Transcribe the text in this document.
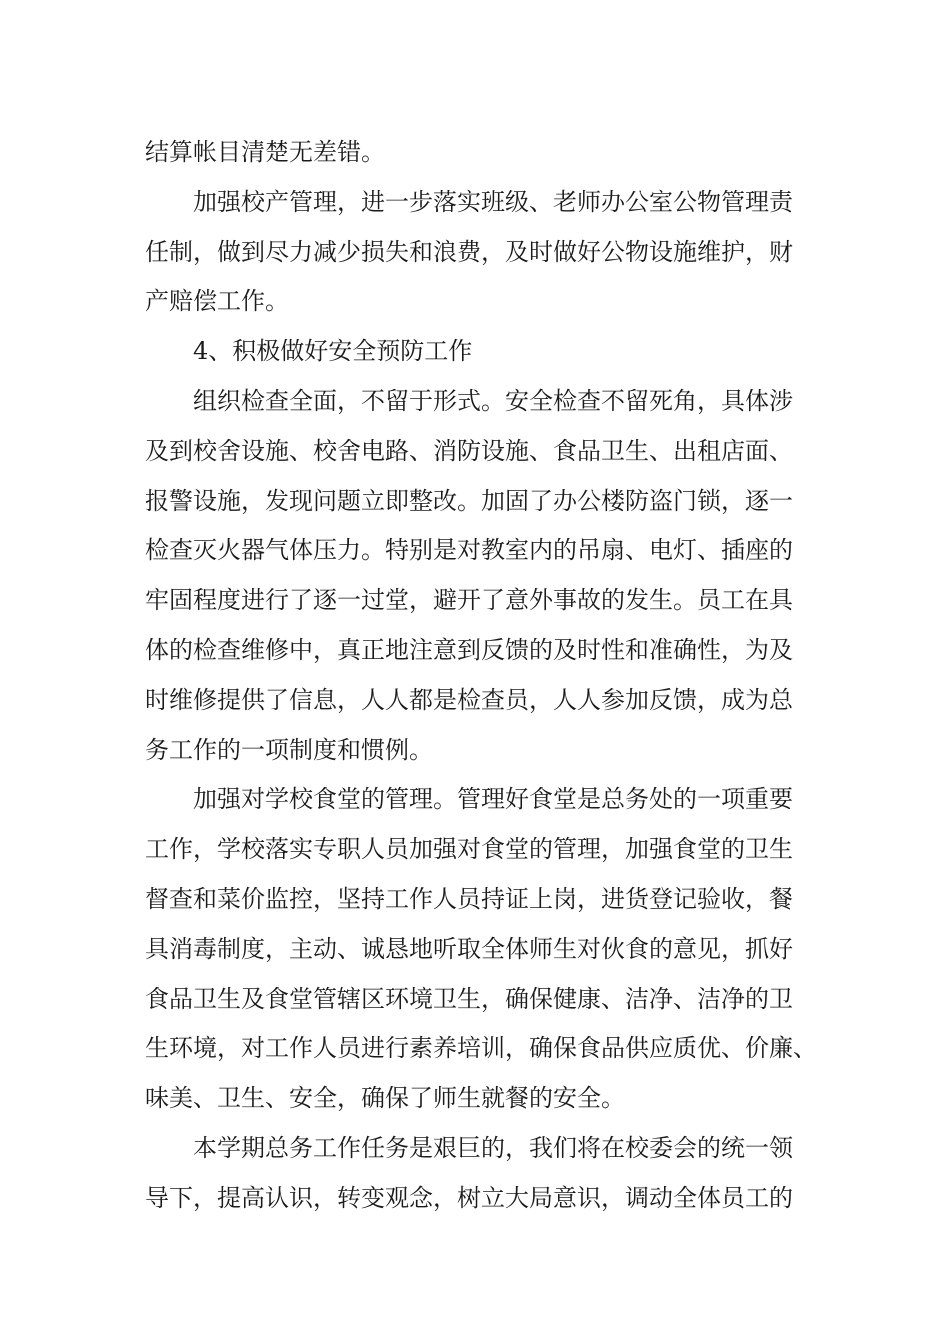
结算帐目清楚无差错。
加强校产管理，进一步落实班级、老师办公室公物管理责
任制，做到尽力减少损失和浪费，及时做好公物设施维护，财
产赔偿工作。
4、积极做好安全预防工作
组织检查全面，不留于形式。安全检查不留死角，具体涉
及到校舍设施、校舍电路、消防设施、食品卫生、出租店面、
报警设施，发现问题立即整改。加固了办公楼防盗门锁，逐一
检查灭火器气体压力。特别是对教室内的吊扇、电灯、插座的
牢固程度进行了逐一过堂，避开了意外事故的发生。员工在具
体的检查维修中，真正地注意到反馈的及时性和准确性，为及
时维修提供了信息，人人都是检查员，人人参加反馈，成为总
务工作的一项制度和惯例。
加强对学校食堂的管理。管理好食堂是总务处的一项重要
工作，学校落实专职人员加强对食堂的管理，加强食堂的卫生
督查和菜价监控，坚持工作人员持证上岗，进货登记验收，餐
具消毒制度，主动、诚恳地听取全体师生对伙食的意见，抓好
食品卫生及食堂管辖区环境卫生，确保健康、洁净、洁净的卫
生环境，对工作人员进行素养培训，确保食品供应质优、价廉、
味美、卫生、安全，确保了师生就餐的安全。
本学期总务工作任务是艰巨的，我们将在校委会的统一领
导下，提高认识，转变观念，树立大局意识，调动全体员工的
